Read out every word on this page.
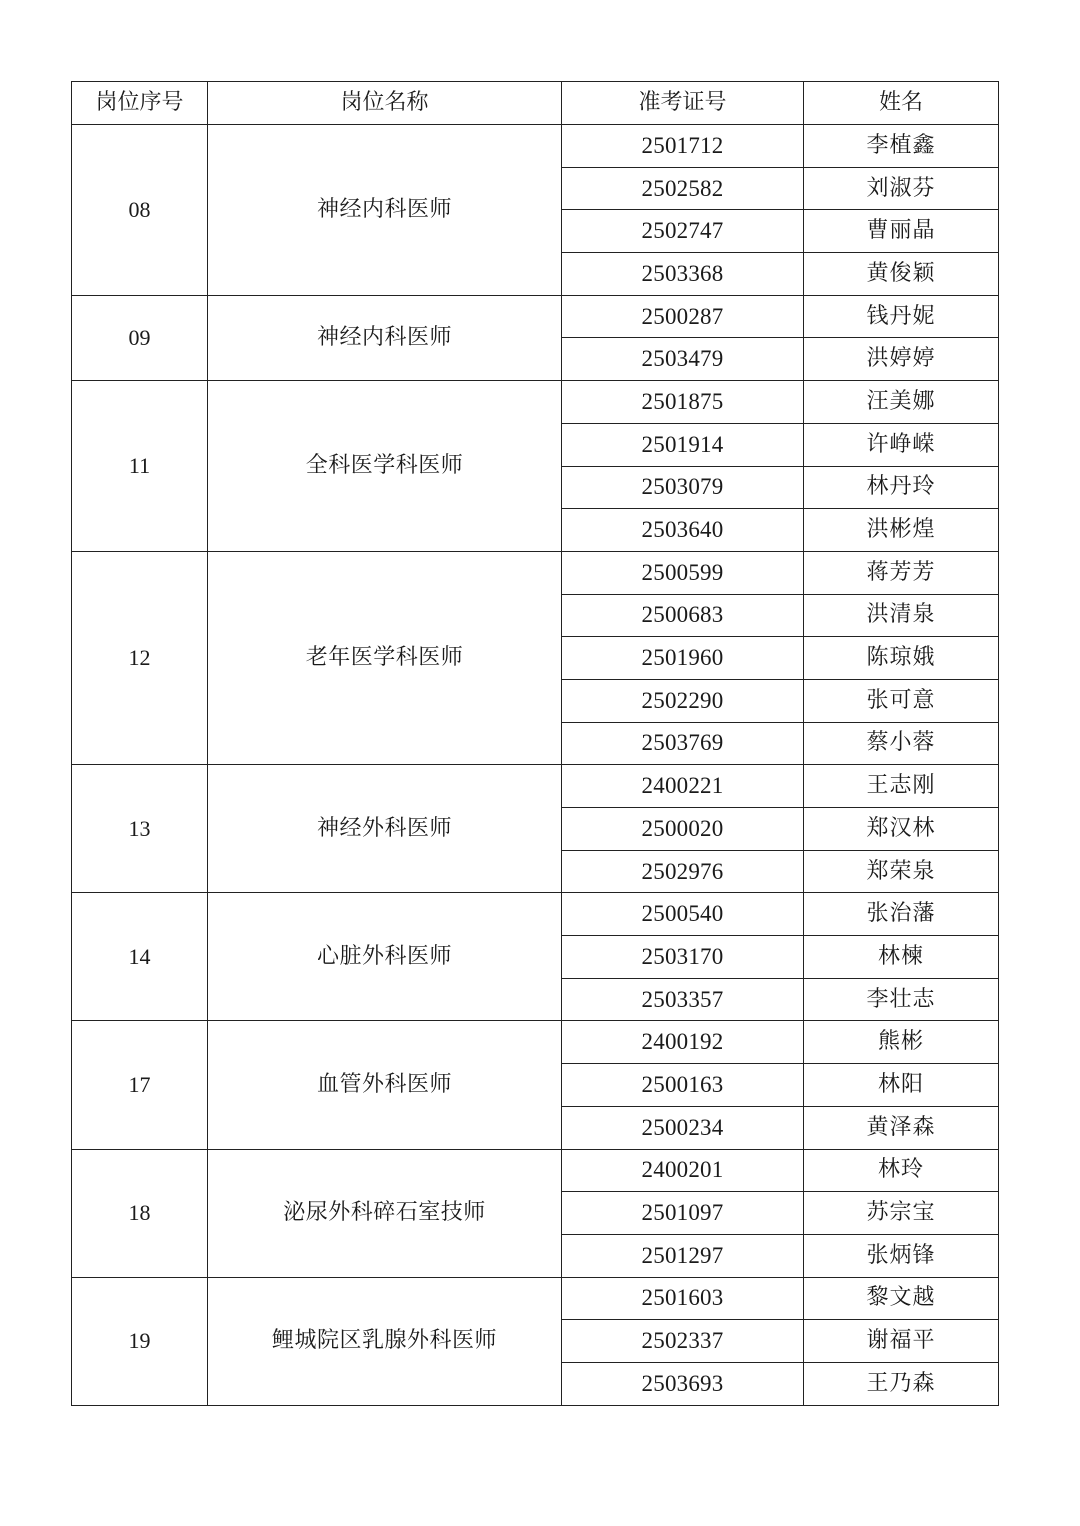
岗位序号	岗位名称	准考证号	姓名
08	神经内科医师	2501712	李植鑫
		2502582	刘淑芬
		2502747	曹丽晶
		2503368	黄俊颖
09	神经内科医师	2500287	钱丹妮
		2503479	洪婷婷
11	全科医学科医师	2501875	汪美娜
		2501914	许峥嵘
		2503079	林丹玲
		2503640	洪彬煌
12	老年医学科医师	2500599	蒋芳芳
		2500683	洪清泉
		2501960	陈琼娥
		2502290	张可意
		2503769	蔡小蓉
13	神经外科医师	2400221	王志刚
		2500020	郑汉林
		2502976	郑荣泉
14	心脏外科医师	2500540	张治藩
		2503170	林楝
		2503357	李壮志
17	血管外科医师	2400192	熊彬
		2500163	林阳
		2500234	黄泽森
18	泌尿外科碎石室技师	2400201	林玲
		2501097	苏宗宝
		2501297	张炳锋
19	鲤城院区乳腺外科医师	2501603	黎文越
		2502337	谢福平
		2503693	王乃森
